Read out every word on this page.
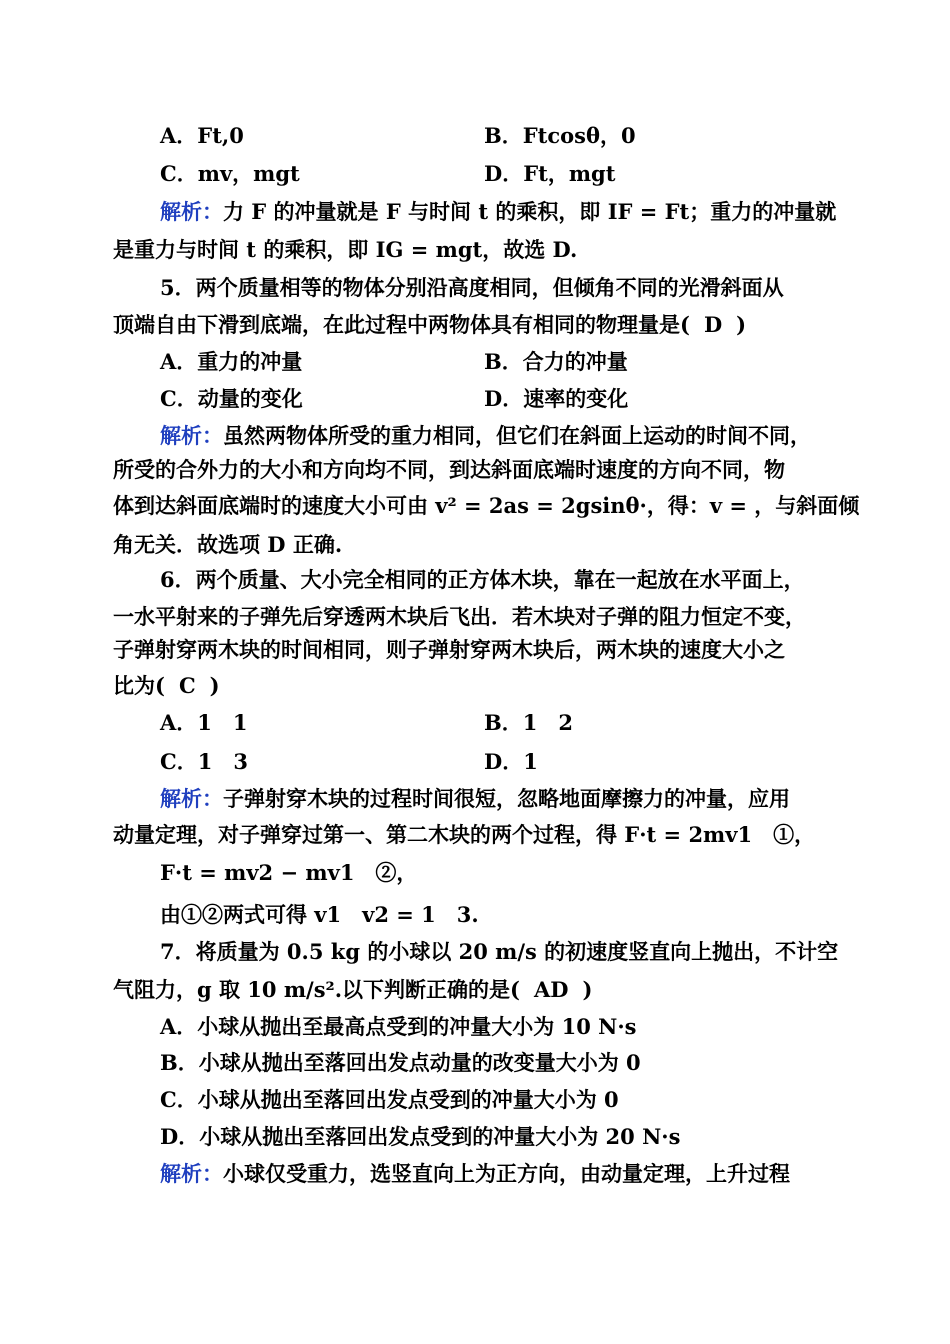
A．Ft,0	B．Ftcosθ，0
C．mv，mgt	D．Ft，mgt
解析：力 F 的冲量就是 F 与时间 t 的乘积，即 IF = Ft；重力的冲量就
是重力与时间 t 的乘积，即 IG = mgt，故选 D.
5．两个质量相等的物体分别沿高度相同，但倾角不同的光滑斜面从
顶端自由下滑到底端，在此过程中两物体具有相同的物理量是( D )
A．重力的冲量	B．合力的冲量
C．动量的变化	D．速率的变化
解析：虽然两物体所受的重力相同，但它们在斜面上运动的时间不同，
所受的合外力的大小和方向均不同，到达斜面底端时速度的方向不同，物
体到达斜面底端时的速度大小可由 v² = 2as = 2gsinθ·，得：v = ，与斜面倾
角无关．故选项 D 正确.
6．两个质量、大小完全相同的正方体木块，靠在一起放在水平面上，
一水平射来的子弹先后穿透两木块后飞出．若木块对子弹的阻力恒定不变，
子弹射穿两木块的时间相同，则子弹射穿两木块后，两木块的速度大小之
比为( C )
A．1　1	B．1　2
C．1　3	D．1
解析：子弹射穿木块的过程时间很短，忽略地面摩擦力的冲量，应用
动量定理，对子弹穿过第一、第二木块的两个过程，得 F·t = 2mv1　①，
F·t = mv2 − mv1　②，
由①②两式可得 v1　v2 = 1　3.
7．将质量为 0.5 kg 的小球以 20 m/s 的初速度竖直向上抛出，不计空
气阻力，g 取 10 m/s².以下判断正确的是( AD )
A．小球从抛出至最高点受到的冲量大小为 10 N·s
B．小球从抛出至落回出发点动量的改变量大小为 0
C．小球从抛出至落回出发点受到的冲量大小为 0
D．小球从抛出至落回出发点受到的冲量大小为 20 N·s
解析：小球仅受重力，选竖直向上为正方向，由动量定理，上升过程
